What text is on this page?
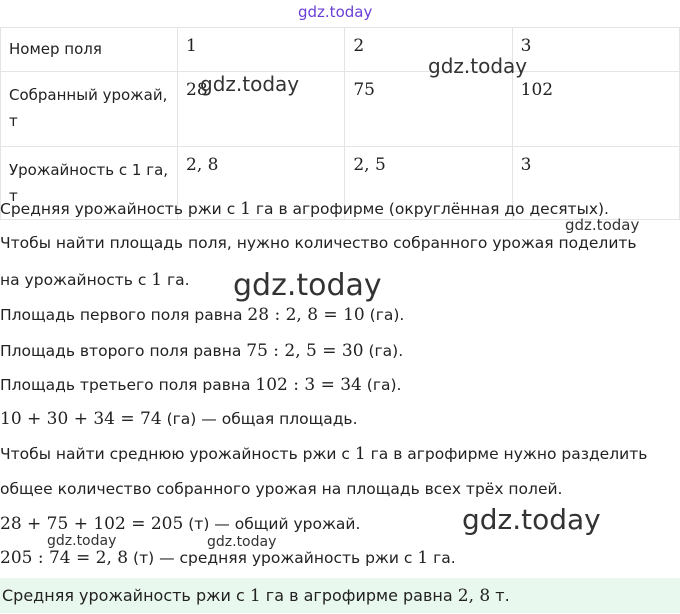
gdz.today
Номер поля	1	2	3
Собранный урожай, т	28	75	102
Урожайность с 1 га, т	2, 8	2, 5	3
gdz.today
gdz.today
Средняя урожайность ржи с 1 га в агрофирме (округлённая до десятых).
gdz.today
Чтобы найти площадь поля, нужно количество собранного урожая поделить
на урожайность с 1 га.	gdz.today
Площадь первого поля равна 28 : 2, 8 = 10 (га).
Площадь второго поля равна 75 : 2, 5 = 30 (га).
Площадь третьего поля равна 102 : 3 = 34 (га).
10 + 30 + 34 = 74 (га) — общая площадь.
Чтобы найти среднюю урожайность ржи с 1 га в агрофирме нужно разделить
общее количество собранного урожая на площадь всех трёх полей.
gdz.today
28 + 75 + 102 = 205 (т) — общий урожай.
gdz.today	gdz.today
205 : 74 = 2, 8 (т) — средняя урожайность ржи с 1 га.
Средняя урожайность ржи с 1 га в агрофирме равна 2, 8 т.
